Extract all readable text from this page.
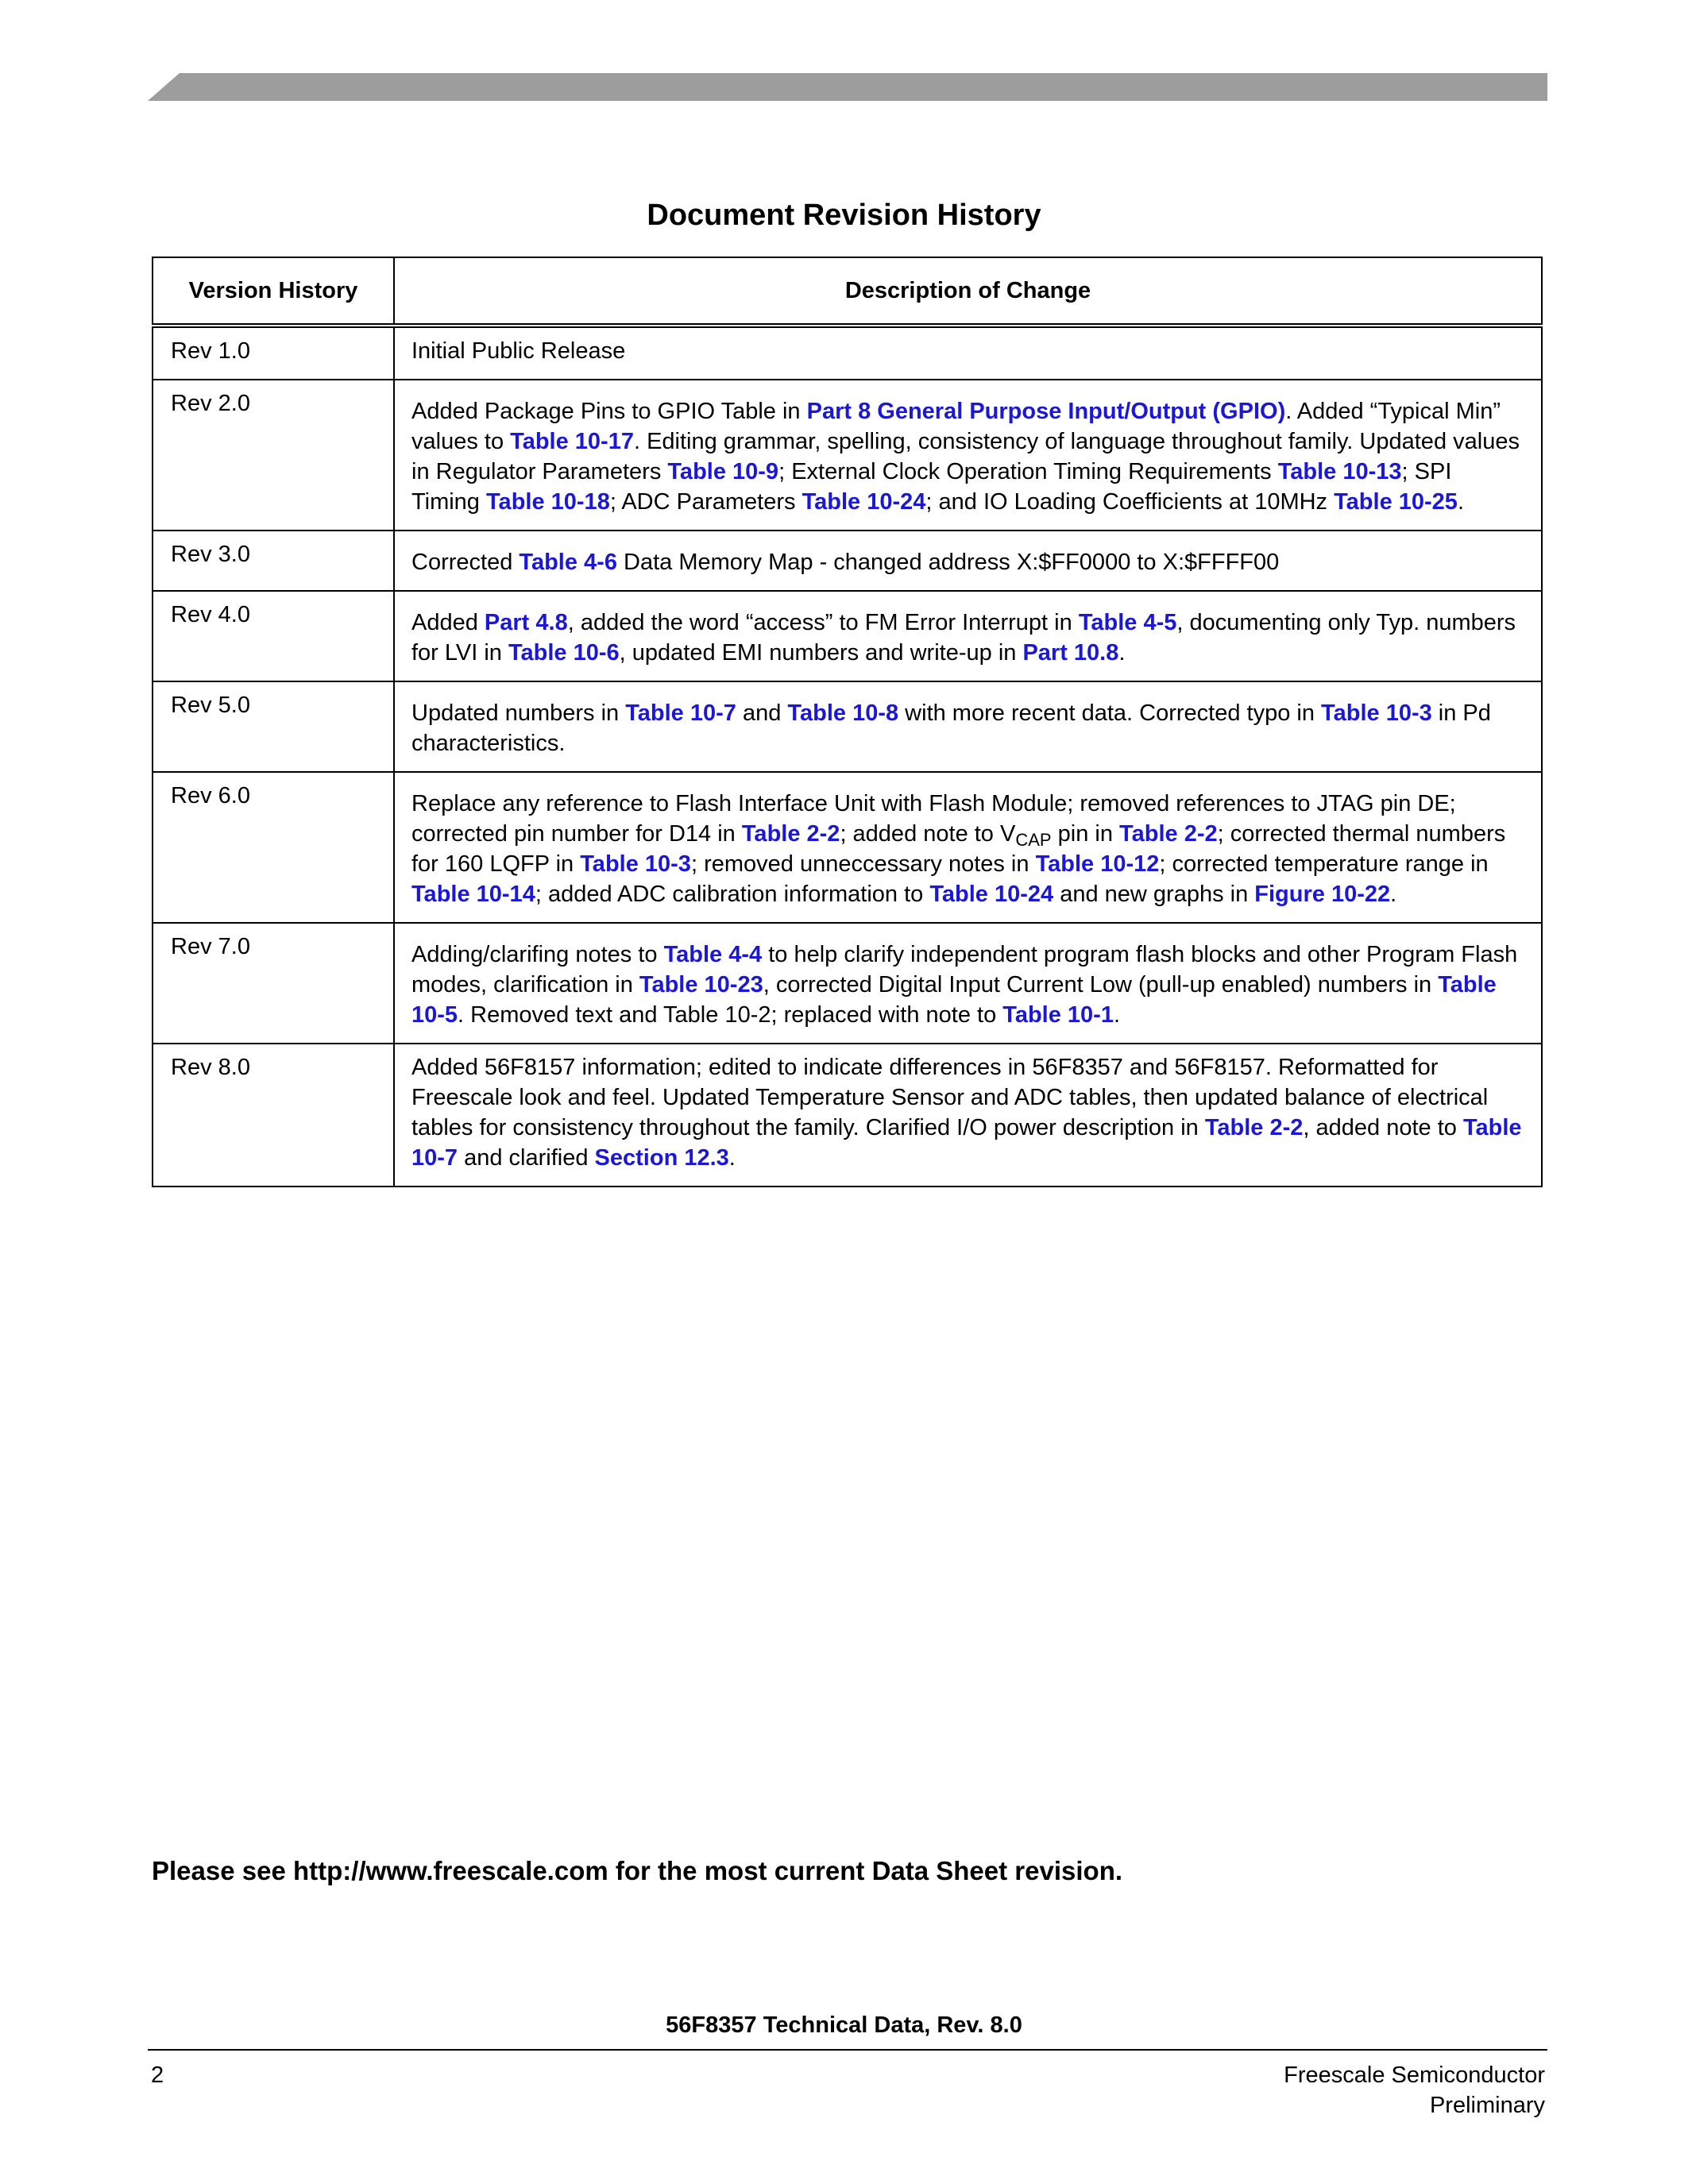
Document Revision History
Version History	Description of Change
Rev 1.0	Initial Public Release

Rev 2.0	Added Package Pins to GPIO Table in Part 8 General Purpose Input/Output (GPIO). Added “Typical Min” values to Table 10-17. Editing grammar, spelling, consistency of language throughout family. Updated values in Regulator Parameters Table 10-9; External Clock Operation Timing Requirements Table 10-13; SPI Timing Table 10-18; ADC Parameters Table 10-24; and IO Loading Coefficients at 10MHz Table 10-25.

Rev 3.0	Corrected Table 4-6 Data Memory Map - changed address X:$FF0000 to X:$FFFF00

Rev 4.0	Added Part 4.8, added the word “access” to FM Error Interrupt in Table 4-5, documenting only Typ. numbers for LVI in Table 10-6, updated EMI numbers and write-up in Part 10.8.

Rev 5.0	Updated numbers in Table 10-7 and Table 10-8 with more recent data. Corrected typo in Table 10-3 in Pd characteristics.

Rev 6.0	Replace any reference to Flash Interface Unit with Flash Module; removed references to JTAG pin DE; corrected pin number for D14 in Table 2-2; added note to $V_{CAP}$ pin in Table 2-2; corrected thermal numbers for 160 LQFP in Table 10-3; removed unneccessary notes in Table 10-12; corrected temperature range in Table 10-14; added ADC calibration information to Table 10-24 and new graphs in Figure 10-22.

Rev 7.0	Adding/clarifing notes to Table 4-4 to help clarify independent program flash blocks and other Program Flash modes, clarification in Table 10-23, corrected Digital Input Current Low (pull-up enabled) numbers in Table 10-5. Removed text and Table 10-2; replaced with note to Table 10-1.

Rev 8.0	Added 56F8157 information; edited to indicate differences in 56F8357 and 56F8157. Reformatted for Freescale look and feel. Updated Temperature Sensor and ADC tables, then updated balance of electrical tables for consistency throughout the family. Clarified I/O power description in Table 2-2, added note to Table 10-7 and clarified Section 12.3.
Please see http://www.freescale.com for the most current Data Sheet revision.
56F8357 Technical Data, Rev. 8.0
2	Freescale Semiconductor
Preliminary
